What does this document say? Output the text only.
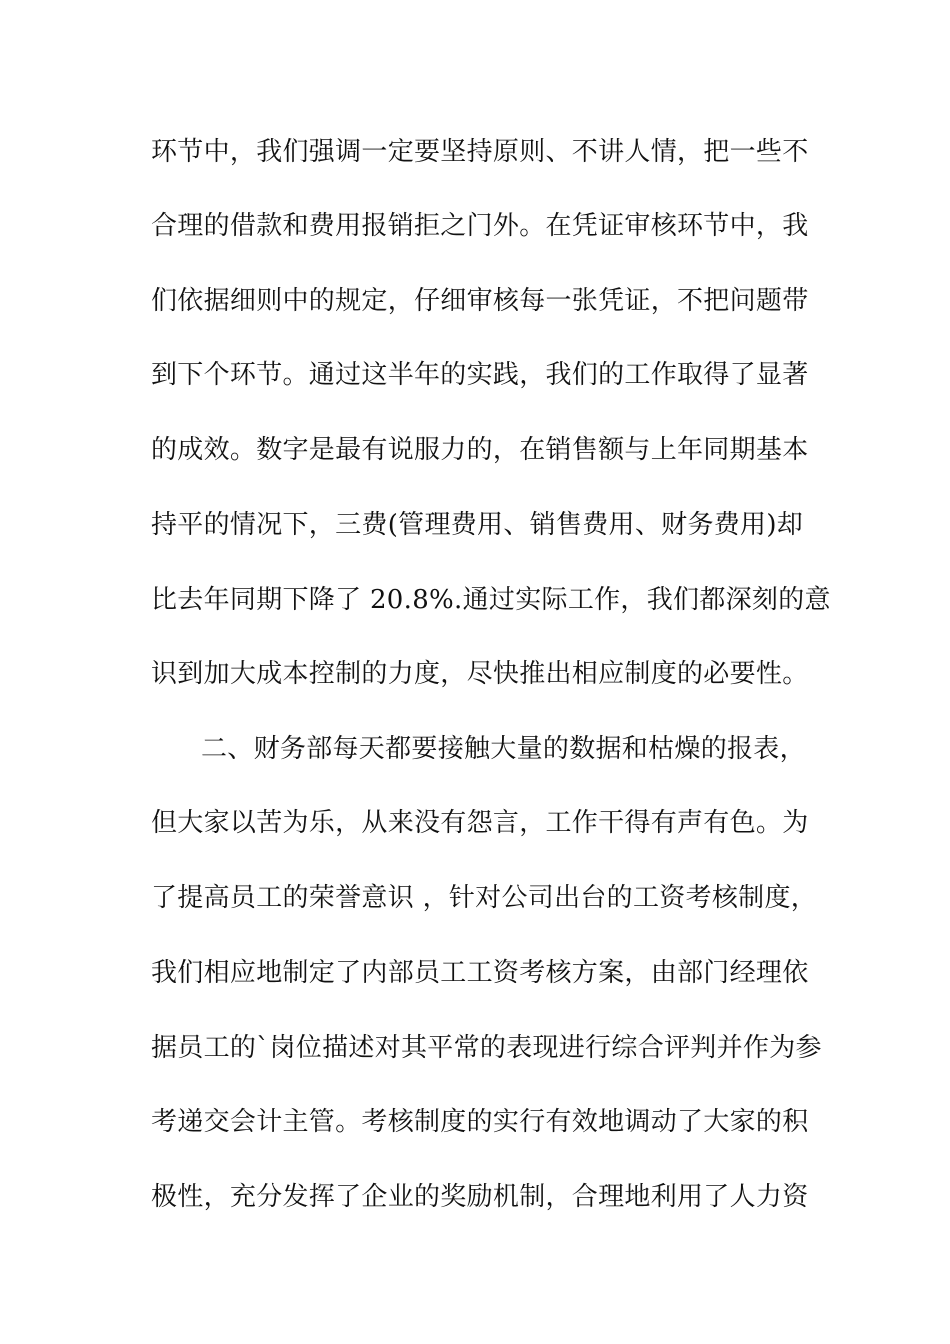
环节中，我们强调一定要坚持原则、不讲人情，把一些不
合理的借款和费用报销拒之门外。在凭证审核环节中，我
们依据细则中的规定，仔细审核每一张凭证，不把问题带
到下个环节。通过这半年的实践，我们的工作取得了显著
的成效。数字是最有说服力的，在销售额与上年同期基本
持平的情况下，三费(管理费用、销售费用、财务费用)却
比去年同期下降了 20.8%.通过实际工作，我们都深刻的意
识到加大成本控制的力度，尽快推出相应制度的必要性。
二、财务部每天都要接触大量的数据和枯燥的报表，
但大家以苦为乐，从来没有怨言，工作干得有声有色。为
了提高员工的荣誉意识 ，针对公司出台的工资考核制度，
我们相应地制定了内部员工工资考核方案，由部门经理依
据员工的`岗位描述对其平常的表现进行综合评判并作为参
考递交会计主管。考核制度的实行有效地调动了大家的积
极性，充分发挥了企业的奖励机制，合理地利用了人力资
